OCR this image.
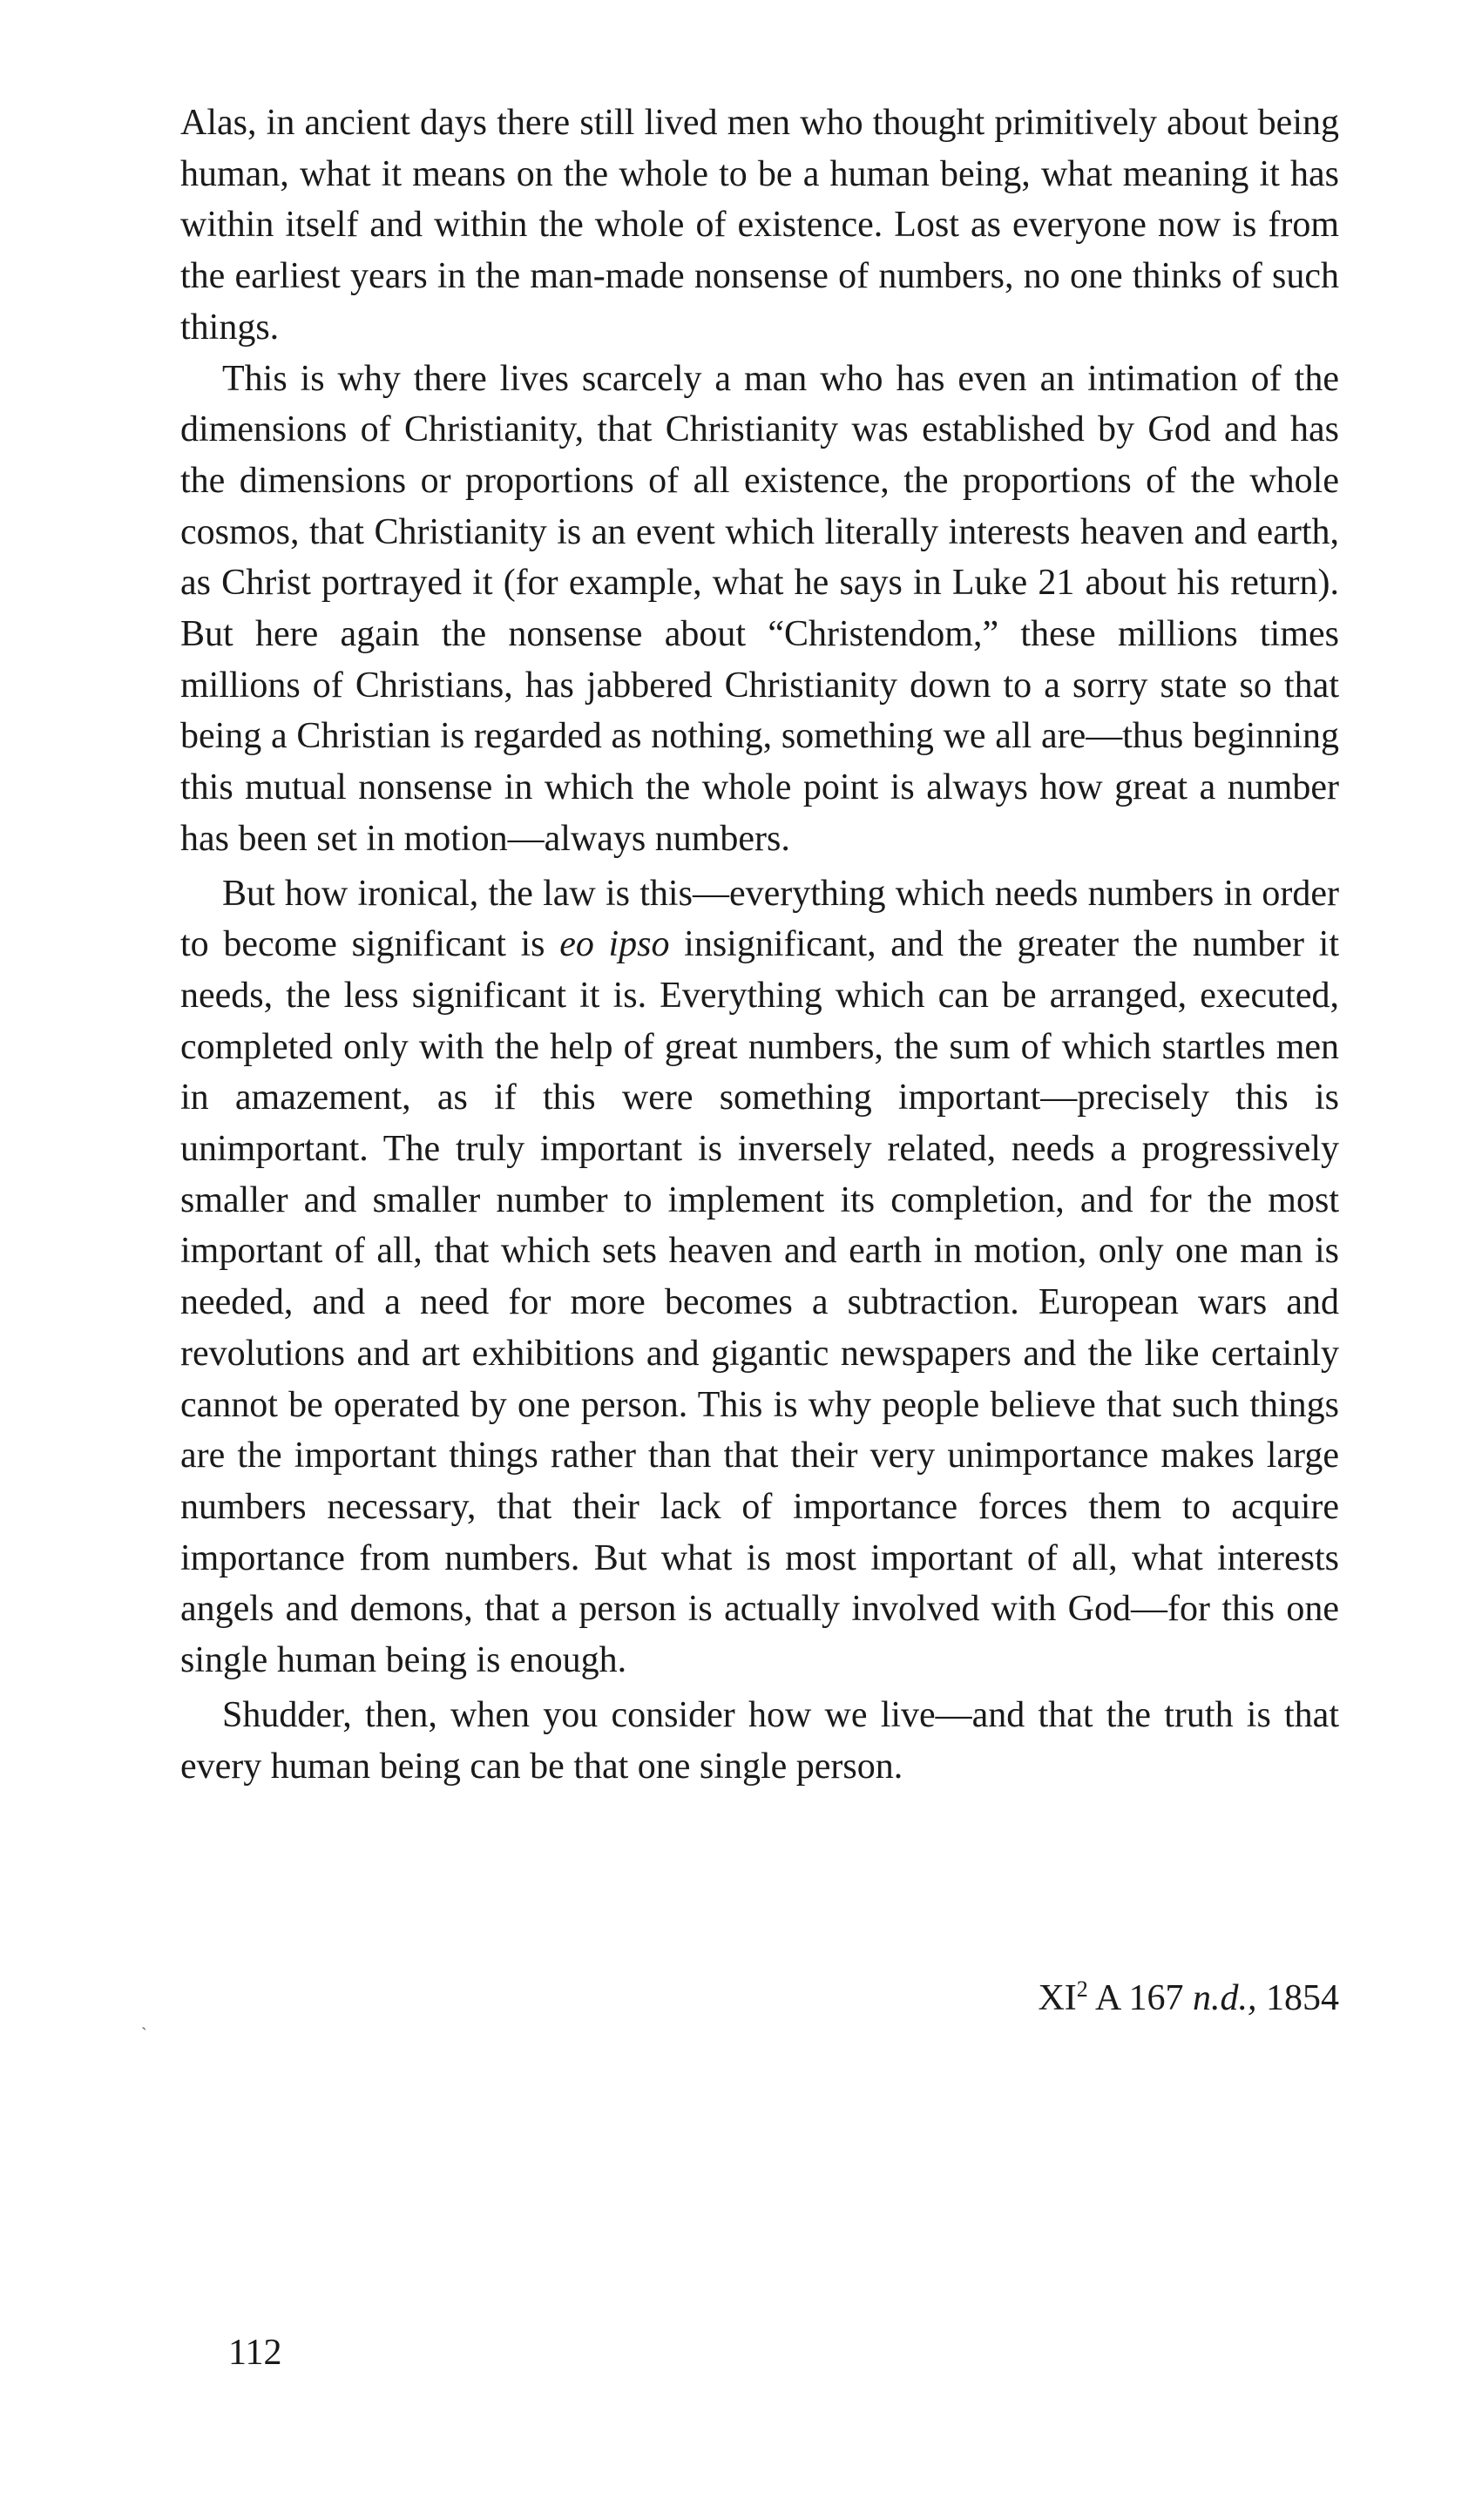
Alas, in ancient days there still lived men who thought primitively about being human, what it means on the whole to be a human being, what meaning it has within itself and within the whole of existence. Lost as everyone now is from the earliest years in the man-made nonsense of numbers, no one thinks of such things.

This is why there lives scarcely a man who has even an intimation of the dimensions of Christianity, that Christianity was established by God and has the dimensions or proportions of all existence, the proportions of the whole cosmos, that Christianity is an event which literally interests heaven and earth, as Christ portrayed it (for example, what he says in Luke 21 about his return). But here again the nonsense about “Christendom,” these millions times millions of Christians, has jabbered Christianity down to a sorry state so that being a Christian is regarded as nothing, something we all are—thus beginning this mutual nonsense in which the whole point is always how great a number has been set in motion—always numbers.

But how ironical, the law is this—everything which needs numbers in order to become significant is eo ipso insignificant, and the greater the number it needs, the less significant it is. Everything which can be arranged, executed, completed only with the help of great numbers, the sum of which startles men in amazement, as if this were something important—precisely this is unimportant. The truly important is inversely related, needs a progressively smaller and smaller number to implement its completion, and for the most important of all, that which sets heaven and earth in motion, only one man is needed, and a need for more becomes a subtraction. European wars and revolutions and art exhibitions and gigantic newspapers and the like certainly cannot be operated by one person. This is why people believe that such things are the important things rather than that their very unimportance makes large numbers necessary, that their lack of importance forces them to acquire importance from numbers. But what is most important of all, what interests angels and demons, that a person is actually involved with God—for this one single human being is enough.

Shudder, then, when you consider how we live—and that the truth is that every human being can be that one single person.

ˎ
$XI^2$ A 167 n.d., 1854
112
